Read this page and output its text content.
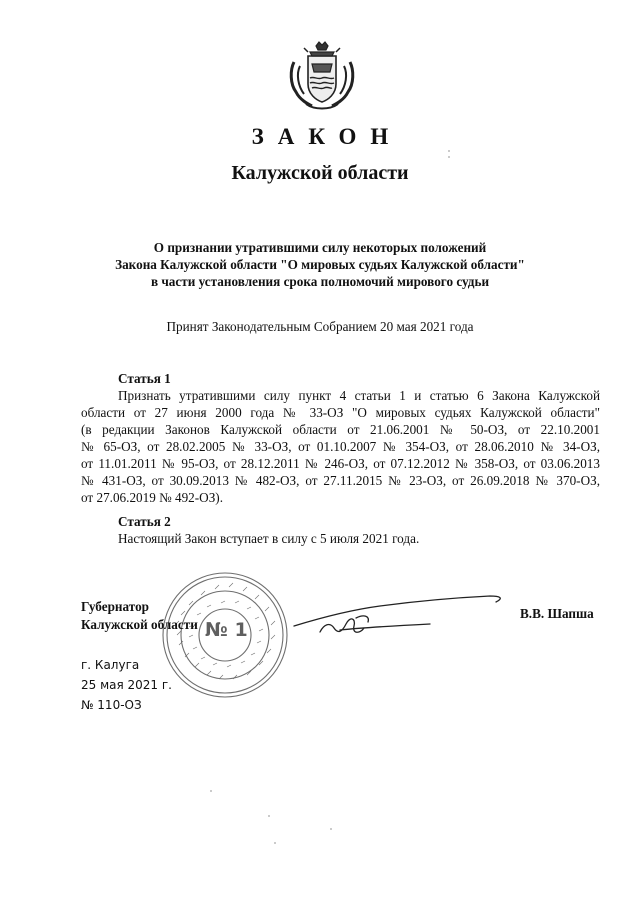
ЗАКОН
Калужской области
О признании утратившими силу некоторых положений
Закона Калужской области "О мировых судьях Калужской области"
в части установления срока полномочий мирового судьи
Принят Законодательным Собранием 20 мая 2021 года
Статья 1
Признать утратившими силу пункт 4 статьи 1 и статью 6 Закона Калужской
области от 27 июня 2000 года № 33-ОЗ "О мировых судьях Калужской области"
(в редакции Законов Калужской области от 21.06.2001 № 50-ОЗ, от 22.10.2001
№ 65-ОЗ, от 28.02.2005 № 33-ОЗ, от 01.10.2007 № 354-ОЗ, от 28.06.2010 № 34-ОЗ,
от 11.01.2011 № 95-ОЗ, от 28.12.2011 № 246-ОЗ, от 07.12.2012 № 358-ОЗ, от 03.06.2013
№ 431-ОЗ, от 30.09.2013 № 482-ОЗ, от 27.11.2015 № 23-ОЗ, от 26.09.2018 № 370-ОЗ,
от 27.06.2019 № 492-ОЗ).
Статья 2
Настоящий Закон вступает в силу с 5 июля 2021 года.
№ 1
Губернатор
Калужской области
В.В. Шапша
г. Калуга
25 мая 2021 г.
№ 110-ОЗ
